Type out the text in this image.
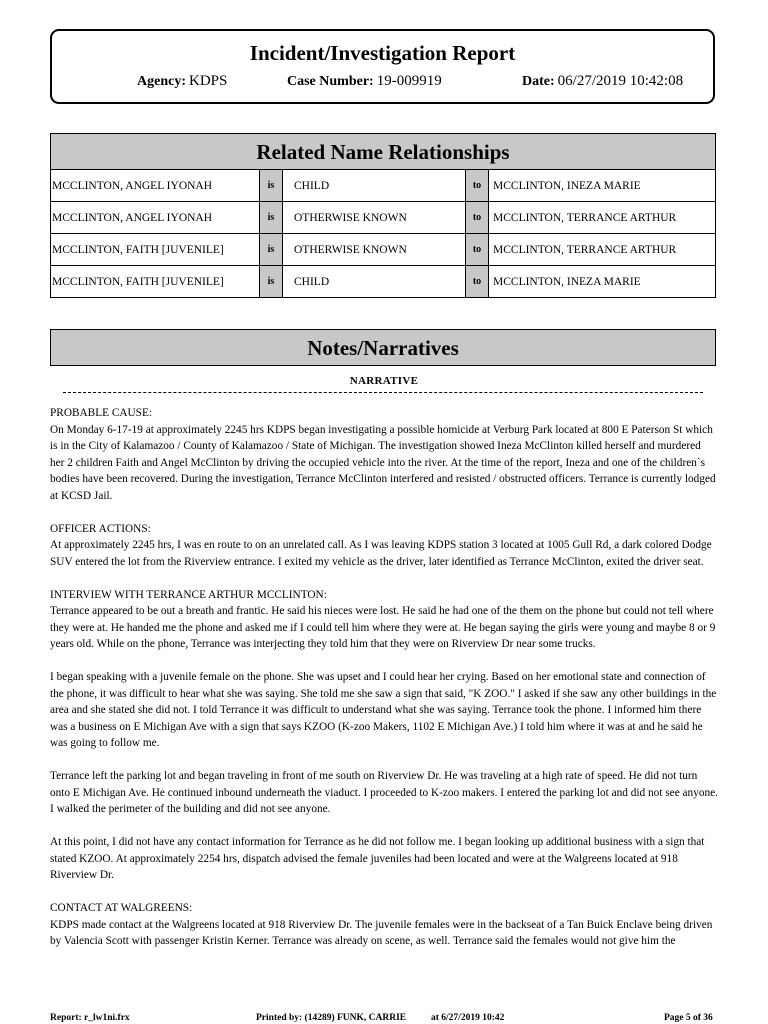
Incident/Investigation Report
Agency: KDPS	Case Number: 19-009919	Date: 06/27/2019 10:42:08
Related Name Relationships
MCCLINTON, ANGEL IYONAH	is	CHILD	to	MCCLINTON, INEZA MARIE
MCCLINTON, ANGEL IYONAH	is	OTHERWISE KNOWN	to	MCCLINTON, TERRANCE ARTHUR
MCCLINTON, FAITH [JUVENILE]	is	OTHERWISE KNOWN	to	MCCLINTON, TERRANCE ARTHUR
MCCLINTON, FAITH [JUVENILE]	is	CHILD	to	MCCLINTON, INEZA MARIE
Notes/Narratives
NARRATIVE

PROBABLE CAUSE:
On Monday 6-17-19 at approximately 2245 hrs KDPS began investigating a possible homicide at Verburg Park located at 800 E Paterson St which is in the City of Kalamazoo / County of Kalamazoo / State of Michigan. The investigation showed Ineza McClinton killed herself and murdered her 2 children Faith and Angel McClinton by driving the occupied vehicle into the river. At the time of the report, Ineza and one of the children`s bodies have been recovered. During the investigation, Terrance McClinton interfered and resisted / obstructed officers. Terrance is currently lodged at KCSD Jail.

OFFICER ACTIONS:
At approximately 2245 hrs, I was en route to on an unrelated call. As I was leaving KDPS station 3 located at 1005 Gull Rd, a dark colored Dodge SUV entered the lot from the Riverview entrance. I exited my vehicle as the driver, later identified as Terrance McClinton, exited the driver seat.

INTERVIEW WITH TERRANCE ARTHUR MCCLINTON:
Terrance appeared to be out a breath and frantic. He said his nieces were lost. He said he had one of the them on the phone but could not tell where they were at. He handed me the phone and asked me if I could tell him where they were at. He began saying the girls were young and maybe 8 or 9 years old. While on the phone, Terrance was interjecting they told him that they were on Riverview Dr near some trucks.

I began speaking with a juvenile female on the phone. She was upset and I could hear her crying. Based on her emotional state and connection of the phone, it was difficult to hear what she was saying. She told me she saw a sign that said, "K ZOO." I asked if she saw any other buildings in the area and she stated she did not. I told Terrance it was difficult to understand what she was saying. Terrance took the phone. I informed him there was a business on E Michigan Ave with a sign that says KZOO (K-zoo Makers, 1102 E Michigan Ave.) I told him where it was at and he said he was going to follow me.

Terrance left the parking lot and began traveling in front of me south on Riverview Dr. He was traveling at a high rate of speed. He did not turn onto E Michigan Ave. He continued inbound underneath the viaduct. I proceeded to K-zoo makers. I entered the parking lot and did not see anyone. I walked the perimeter of the building and did not see anyone.

At this point, I did not have any contact information for Terrance as he did not follow me. I began looking up additional business with a sign that stated KZOO. At approximately 2254 hrs, dispatch advised the female juveniles had been located and were at the Walgreens located at 918 Riverview Dr.

CONTACT AT WALGREENS:
KDPS made contact at the Walgreens located at 918 Riverview Dr. The juvenile females were in the backseat of a Tan Buick Enclave being driven by Valencia Scott with passenger Kristin Kerner. Terrance was already on scene, as well. Terrance said the females would not give him the

Report: r_lw1ni.frx	Printed by: (14289) FUNK, CARRIE	at 6/27/2019 10:42	Page 5 of 36
